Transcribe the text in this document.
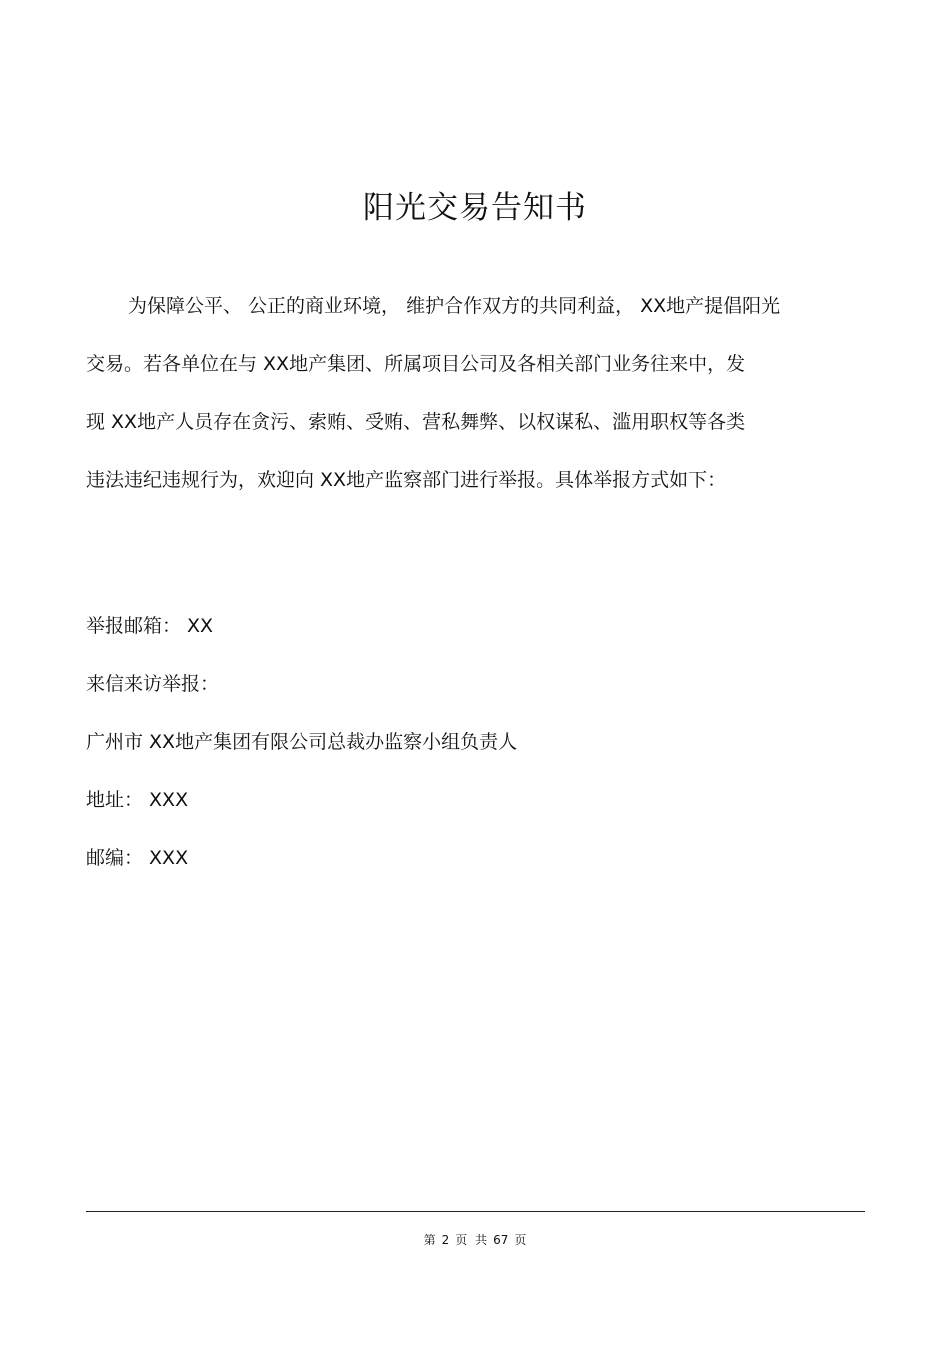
阳光交易告知书
为保障公平、 公正的商业环境， 维护合作双方的共同利益， XX地产提倡阳光
交易。若各单位在与 XX地产集团、所属项目公司及各相关部门业务往来中，发
现 XX地产人员存在贪污、索贿、受贿、营私舞弊、以权谋私、滥用职权等各类
违法违纪违规行为，欢迎向 XX地产监察部门进行举报。具体举报方式如下：
举报邮箱： XX
来信来访举报：
广州市 XX地产集团有限公司总裁办监察小组负责人
地址： XXX
邮编： XXX
第 2 页 共 67 页
